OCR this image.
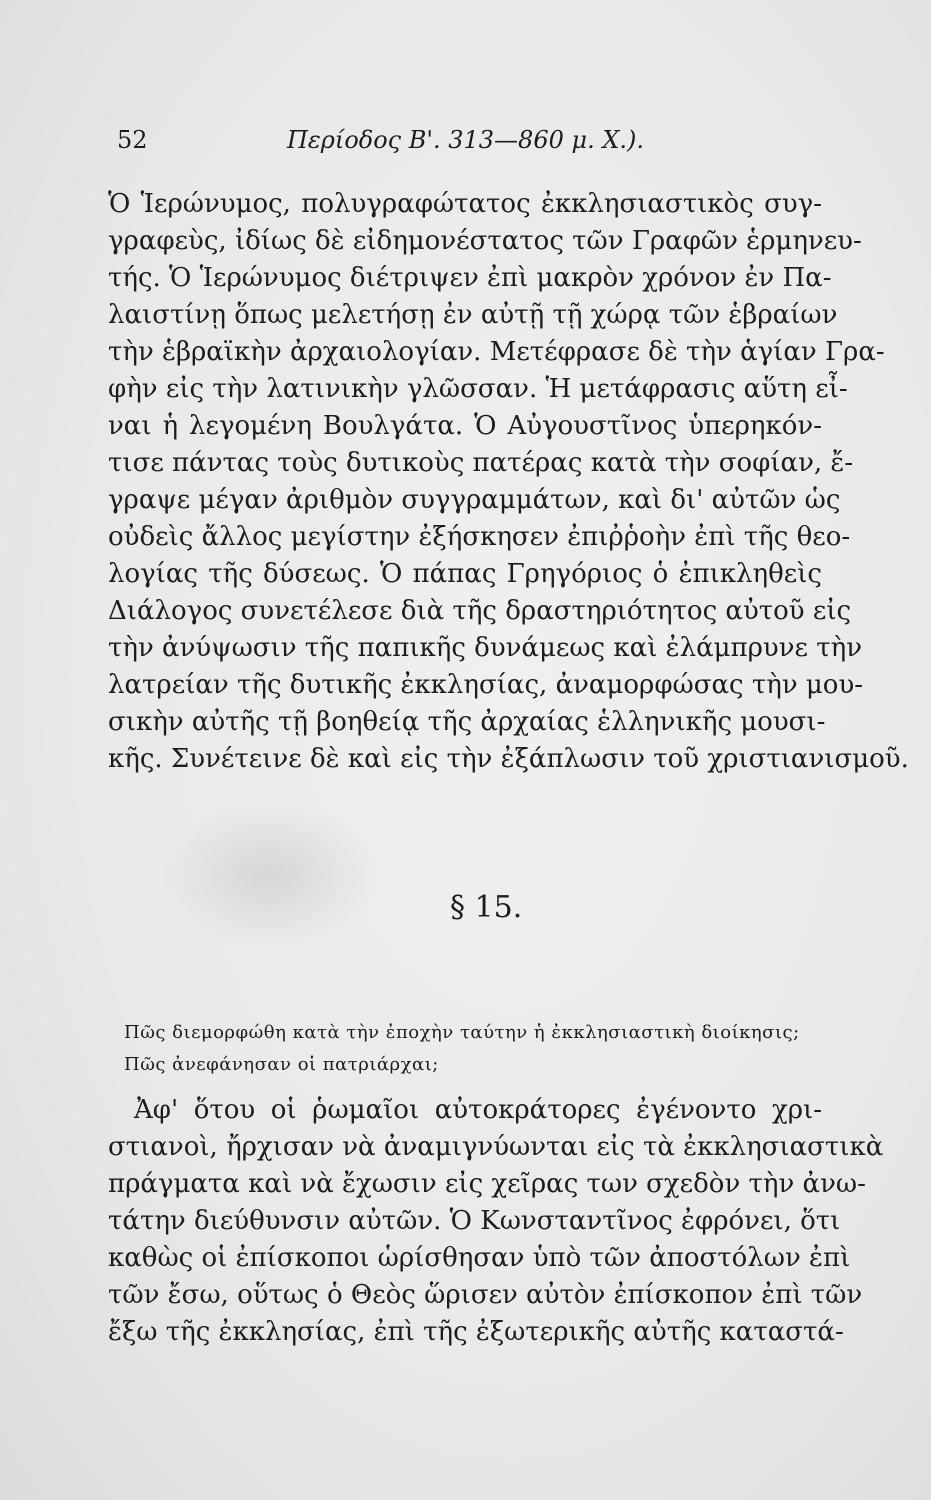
52	Περίοδος Β'. 313—860 μ. Χ.).
Ὁ Ἱερώνυμος, πολυγραφώτατος ἐκκλησιαστικὸς συγ-
γραφεὺς, ἰδίως δὲ εἰδημονέστατος τῶν Γραφῶν ἑρμηνευ-
τής. Ὁ Ἱερώνυμος διέτριψεν ἐπὶ μακρὸν χρόνον ἐν Πα-
λαιστίνῃ ὅπως μελετήσῃ ἐν αὐτῇ τῇ χώρᾳ τῶν ἑβραίων
τὴν ἑβραϊκὴν ἀρχαιολογίαν. Μετέφρασε δὲ τὴν ἁγίαν Γρα-
φὴν εἰς τὴν λατινικὴν γλῶσσαν. Ἡ μετάφρασις αὕτη εἶ-
ναι ἡ λεγομένη Βουλγάτα. Ὁ Αὐγουστῖνος ὑπερηκόν-
τισε πάντας τοὺς δυτικοὺς πατέρας κατὰ τὴν σοφίαν, ἔ-
γραψε μέγαν ἀριθμὸν συγγραμμάτων, καὶ δι' αὐτῶν ὡς
οὐδεὶς ἄλλος μεγίστην ἐξήσκησεν ἐπιῤῥοὴν ἐπὶ τῆς θεο-
λογίας τῆς δύσεως. Ὁ πάπας Γρηγόριος ὁ ἐπικληθεὶς
Διάλογος συνετέλεσε διὰ τῆς δραστηριότητος αὐτοῦ εἰς
τὴν ἀνύψωσιν τῆς παπικῆς δυνάμεως καὶ ἐλάμπρυνε τὴν
λατρείαν τῆς δυτικῆς ἐκκλησίας, ἀναμορφώσας τὴν μου-
σικὴν αὐτῆς τῇ βοηθείᾳ τῆς ἀρχαίας ἑλληνικῆς μουσι-
κῆς. Συνέτεινε δὲ καὶ εἰς τὴν ἐξάπλωσιν τοῦ χριστιανισμοῦ.
§ 15.
Πῶς διεμορφώθη κατὰ τὴν ἐποχὴν ταύτην ἡ ἐκκλησιαστικὴ διοίκησις;
Πῶς ἀνεφάνησαν οἱ πατριάρχαι;
Ἀφ' ὅτου οἱ ῥωμαῖοι αὐτοκράτορες ἐγένοντο χρι-
στιανοὶ, ἤρχισαν νὰ ἀναμιγνύωνται εἰς τὰ ἐκκλησιαστικὰ
πράγματα καὶ νὰ ἔχωσιν εἰς χεῖρας των σχεδὸν τὴν ἀνω-
τάτην διεύθυνσιν αὐτῶν. Ὁ Κωνσταντῖνος ἐφρόνει, ὅτι
καθὼς οἱ ἐπίσκοποι ὡρίσθησαν ὑπὸ τῶν ἀποστόλων ἐπὶ
τῶν ἔσω, οὕτως ὁ Θεὸς ὥρισεν αὐτὸν ἐπίσκοπον ἐπὶ τῶν
ἔξω τῆς ἐκκλησίας, ἐπὶ τῆς ἐξωτερικῆς αὐτῆς καταστά-
